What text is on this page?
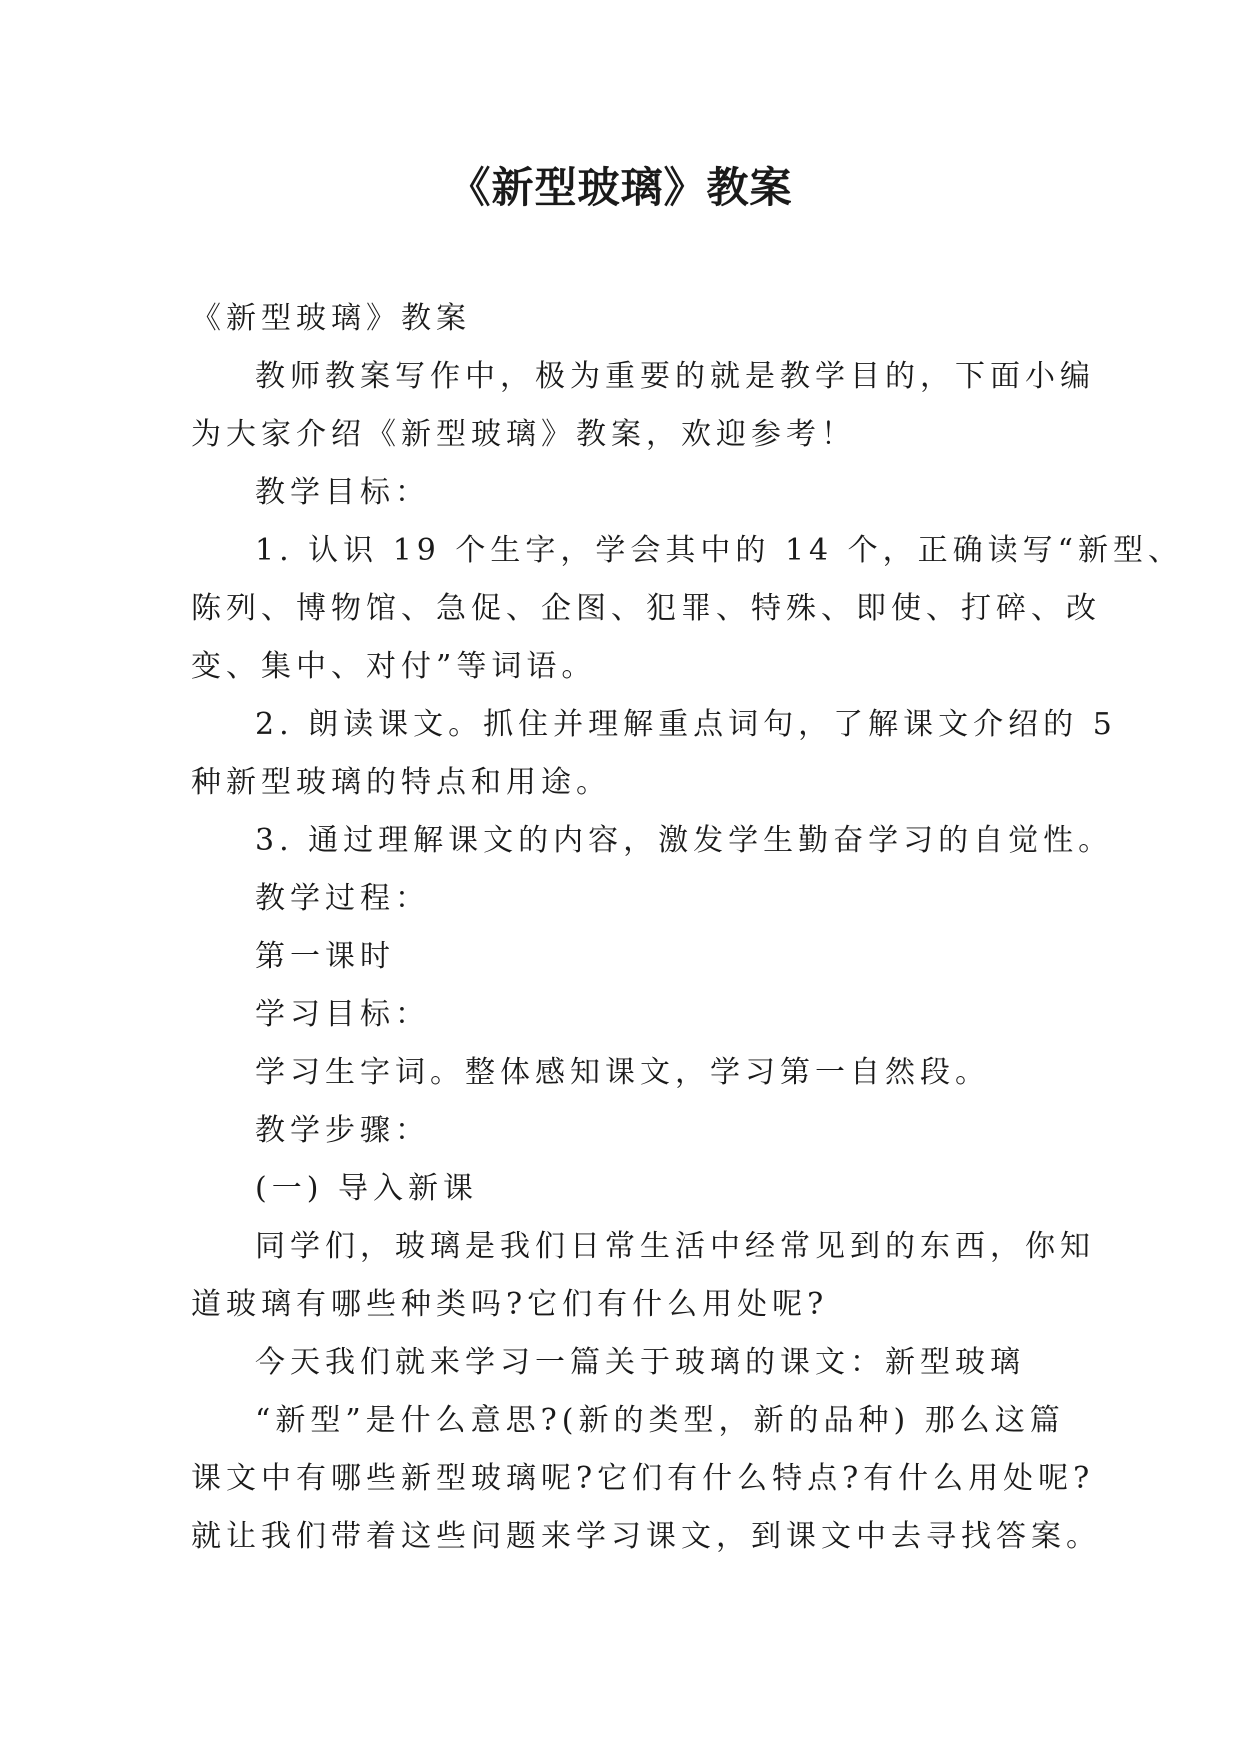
《新型玻璃》教案

《新型玻璃》教案

教师教案写作中，极为重要的就是教学目的，下面小编

为大家介绍《新型玻璃》教案，欢迎参考！

教学目标：

1. 认识 19 个生字，学会其中的 14 个，正确读写“新型、

陈列、博物馆、急促、企图、犯罪、特殊、即使、打碎、改

变、集中、对付”等词语。

2. 朗读课文。抓住并理解重点词句，了解课文介绍的 5

种新型玻璃的特点和用途。

3. 通过理解课文的内容，激发学生勤奋学习的自觉性。

教学过程：

第一课时

学习目标：

学习生字词。整体感知课文，学习第一自然段。

教学步骤：

(一) 导入新课

同学们，玻璃是我们日常生活中经常见到的东西，你知

道玻璃有哪些种类吗?它们有什么用处呢?

今天我们就来学习一篇关于玻璃的课文：新型玻璃

“新型”是什么意思?(新的类型，新的品种) 那么这篇

课文中有哪些新型玻璃呢?它们有什么特点?有什么用处呢?

就让我们带着这些问题来学习课文，到课文中去寻找答案。
